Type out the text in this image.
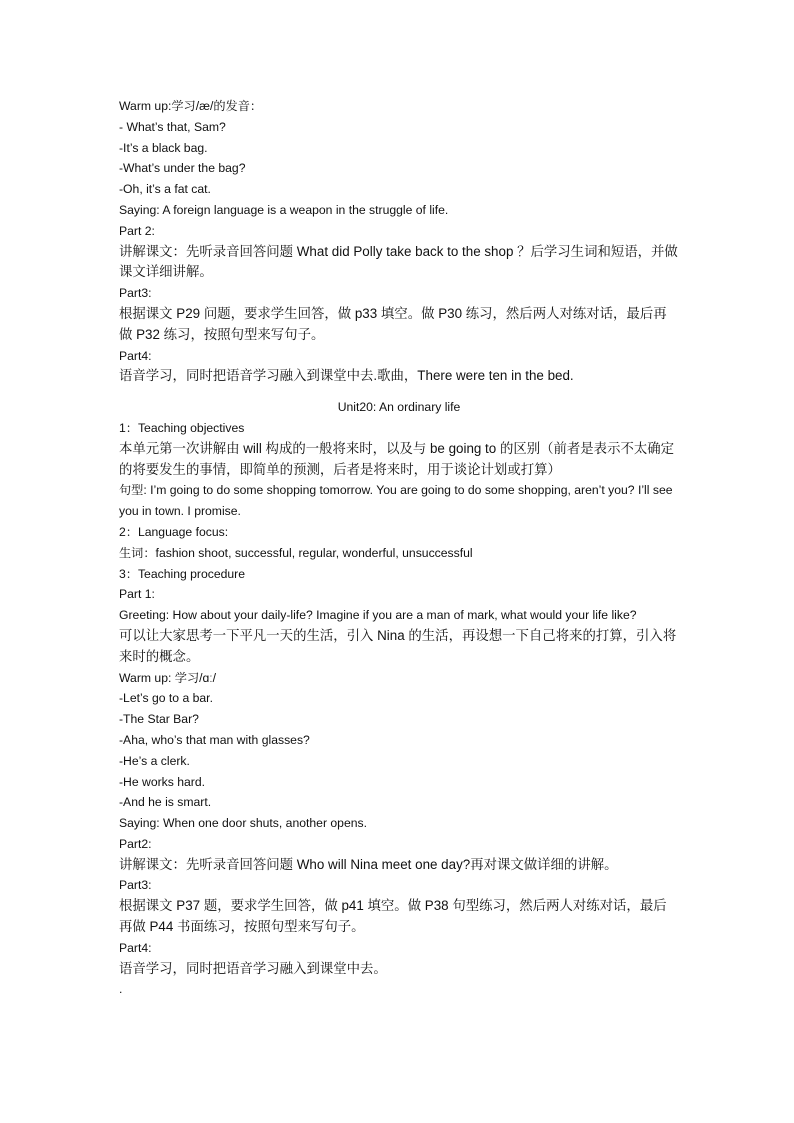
Warm up:学习/æ/的发音：
- What’s that, Sam?
-It’s a black bag.
-What’s under the bag?
-Oh, it’s a fat cat.
Saying: A foreign language is a weapon in the struggle of life.
Part 2:
讲解课文：先听录音回答问题 What did Polly take back to the shop ？后学习生词和短语，并做课文详细讲解。
Part3:
根据课文 P29 问题，要求学生回答，做 p33 填空。做 P30 练习，然后两人对练对话，最后再做 P32 练习，按照句型来写句子。
Part4:
语音学习，同时把语音学习融入到课堂中去.歌曲，There were ten in the bed.
Unit20: An ordinary life
1：Teaching objectives
本单元第一次讲解由 will 构成的一般将来时，以及与 be going to 的区别（前者是表示不太确定的将要发生的事情，即简单的预测，后者是将来时，用于谈论计划或打算）
句型: I’m going to do some shopping tomorrow. You are going to do some shopping, aren’t you? I’ll see you in town. I promise.
2：Language focus:
生词：fashion shoot, successful, regular, wonderful, unsuccessful
3：Teaching procedure
Part 1:
Greeting: How about your daily-life? Imagine if you are a man of mark, what would your life like?
可以让大家思考一下平凡一天的生活，引入 Nina 的生活，再设想一下自己将来的打算，引入将来时的概念。
Warm up: 学习/ɑː/
-Let’s go to a bar.
-The Star Bar?
-Aha, who’s that man with glasses?
-He’s a clerk.
-He works hard.
-And he is smart.
Saying: When one door shuts, another opens.
Part2:
讲解课文：先听录音回答问题 Who will Nina meet one day?再对课文做详细的讲解。
Part3:
根据课文 P37 题，要求学生回答，做 p41 填空。做 P38 句型练习，然后两人对练对话，最后再做 P44 书面练习，按照句型来写句子。
Part4:
语音学习，同时把语音学习融入到课堂中去。
.
